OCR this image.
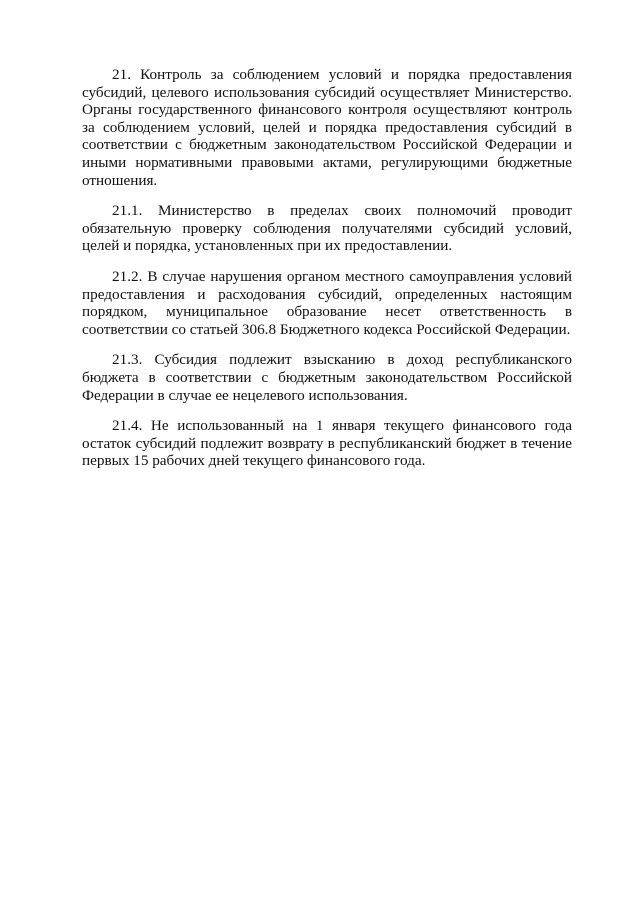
21. Контроль за соблюдением условий и порядка предоставления субсидий, целевого использования субсидий осуществляет Министерство. Органы государственного финансового контроля осуществляют контроль за соблюдением условий, целей и порядка предоставления субсидий в соответствии с бюджетным законодательством Российской Федерации и иными нормативными правовыми актами, регулирующими бюджетные отношения.

21.1. Министерство в пределах своих полномочий проводит обязательную проверку соблюдения получателями субсидий условий, целей и порядка, установленных при их предоставлении.

21.2. В случае нарушения органом местного самоуправления условий предоставления и расходования субсидий, определенных настоящим порядком, муниципальное образование несет ответственность в соответствии со статьей 306.8 Бюджетного кодекса Российской Федерации.

21.3. Субсидия подлежит взысканию в доход республиканского бюджета в соответствии с бюджетным законодательством Российской Федерации в случае ее нецелевого использования.

21.4. Не использованный на 1 января текущего финансового года остаток субсидий подлежит возврату в республиканский бюджет в течение первых 15 рабочих дней текущего финансового года.
